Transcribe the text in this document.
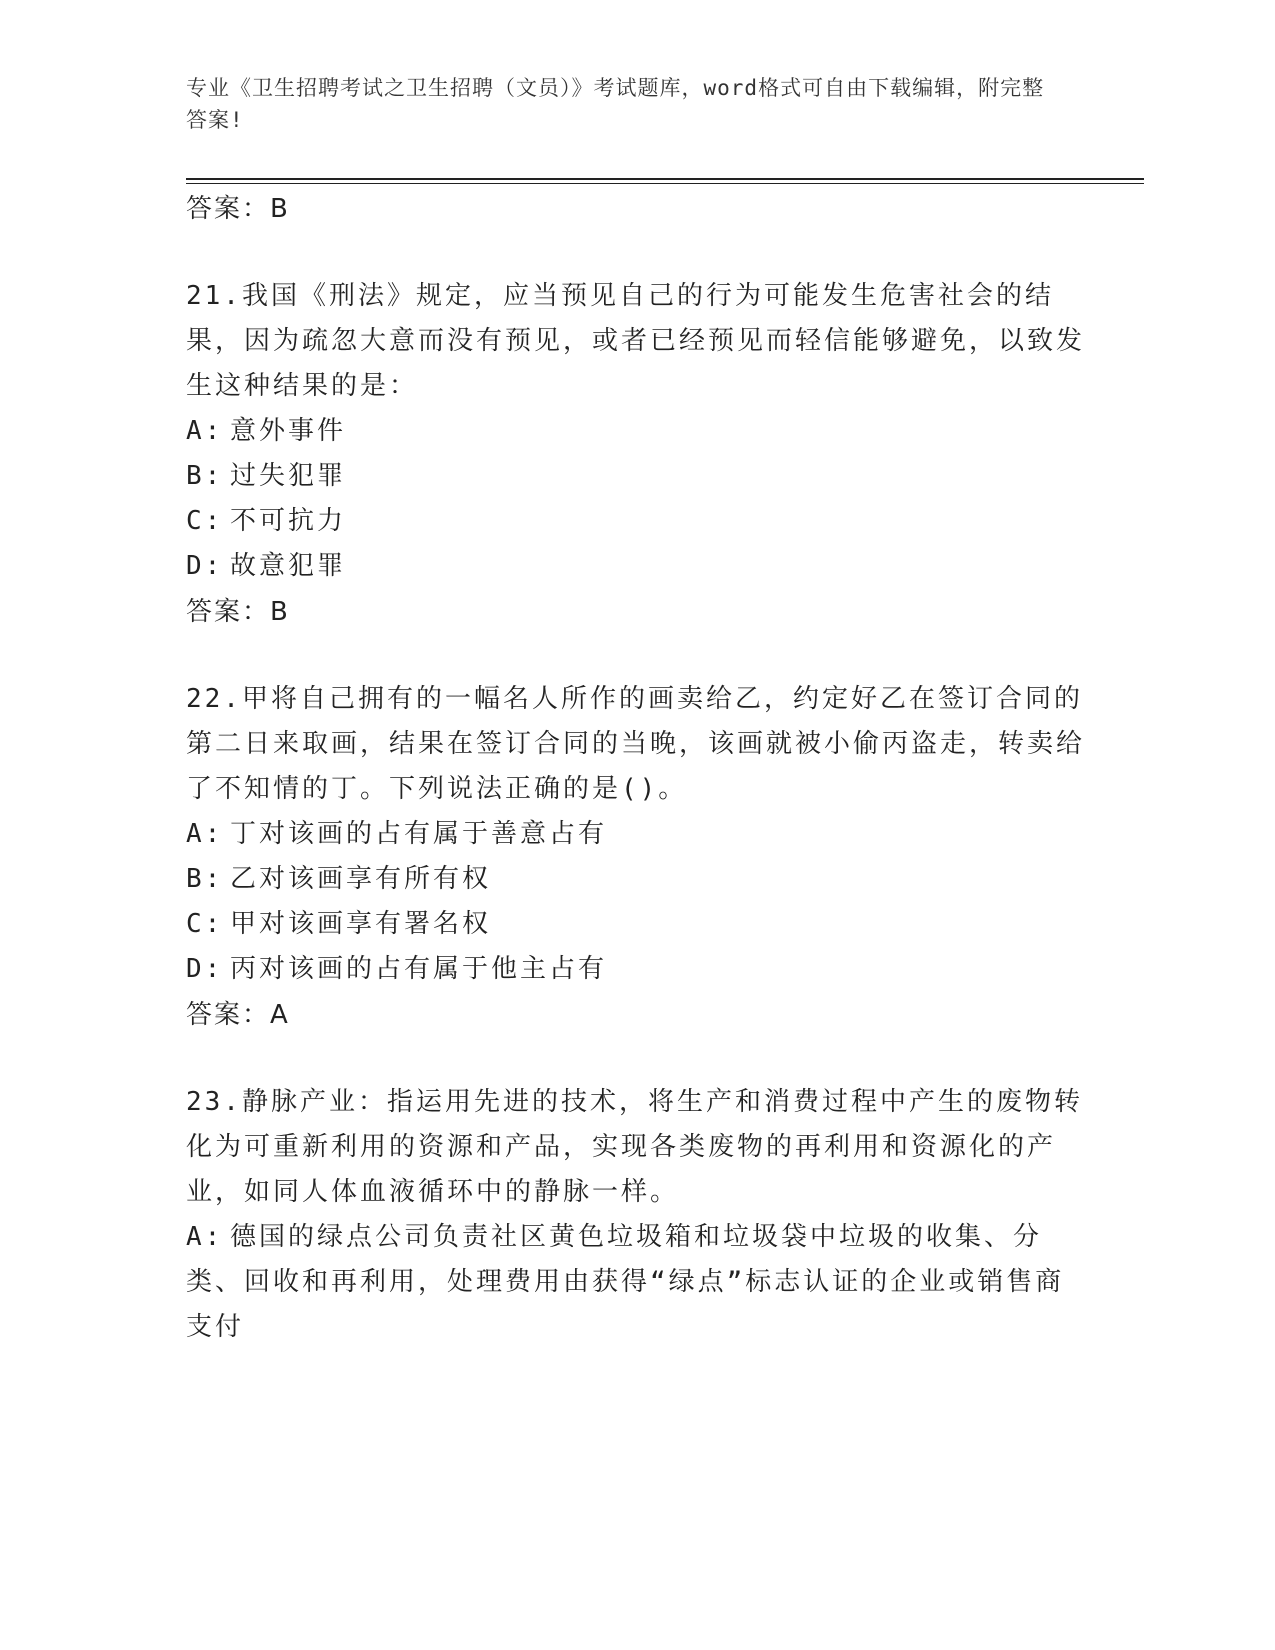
专业《卫生招聘考试之卫生招聘（文员）》考试题库，word格式可自由下载编辑，附完整答案!

答案：B

21.我国《刑法》规定，应当预见自己的行为可能发生危害社会的结果，因为疏忽大意而没有预见，或者已经预见而轻信能够避免，以致发生这种结果的是：

A: 意外事件

B: 过失犯罪

C: 不可抗力

D: 故意犯罪

答案：B

22.甲将自己拥有的一幅名人所作的画卖给乙，约定好乙在签订合同的第二日来取画，结果在签订合同的当晚，该画就被小偷丙盗走，转卖给了不知情的丁。下列说法正确的是()。

A: 丁对该画的占有属于善意占有

B: 乙对该画享有所有权

C: 甲对该画享有署名权

D: 丙对该画的占有属于他主占有

答案：A

23.静脉产业：指运用先进的技术，将生产和消费过程中产生的废物转化为可重新利用的资源和产品，实现各类废物的再利用和资源化的产业，如同人体血液循环中的静脉一样。

A: 德国的绿点公司负责社区黄色垃圾箱和垃圾袋中垃圾的收集、分类、回收和再利用，处理费用由获得“绿点”标志认证的企业或销售商支付
